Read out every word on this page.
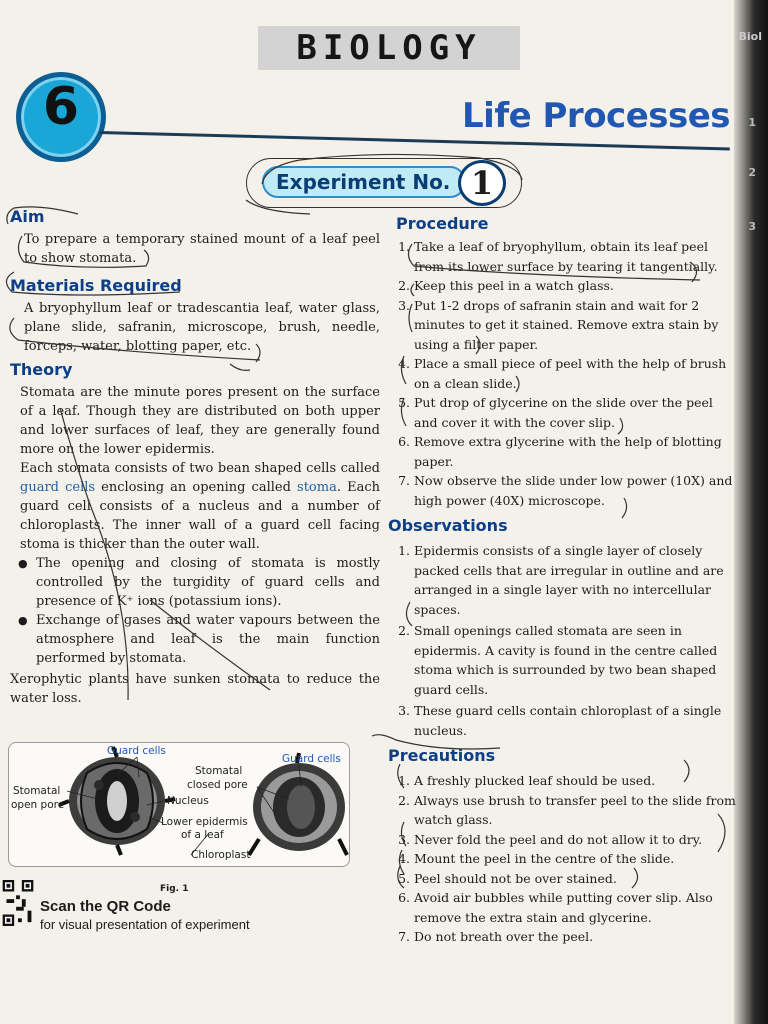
Biol
1
2
3
BIOLOGY
6	Life Processes
Experiment No. 1
Aim

To prepare a temporary stained mount of a leaf peel to show stomata.

Materials Required

A bryophyllum leaf or tradescantia leaf, water glass, plane slide, safranin, microscope, brush, needle, forceps, water, blotting paper, etc.

Theory

Stomata are the minute pores present on the surface of a leaf. Though they are distributed on both upper and lower surfaces of leaf, they are generally found more on the lower epidermis.

Each stomata consists of two bean shaped cells called guard cells enclosing an opening called stoma. Each guard cell consists of a nucleus and a number of chloroplasts. The inner wall of a guard cell facing stoma is thicker than the outer wall.

● The opening and closing of stomata is mostly controlled by the turgidity of guard cells and presence of K⁺ ions (potassium ions).
● Exchange of gases and water vapours between the atmosphere and leaf is the main function performed by stomata.

Xerophytic plants have sunken stomata to reduce the water loss.

Guard cells
Guard cells
Stomatal
open pore
Stomatal
closed pore
Nucleus
Lower epidermis
of a leaf
Chloroplast
Fig. 1
Scan the QR Code
for visual presentation of experiment
Procedure
1. Take a leaf of bryophyllum, obtain its leaf peel from its lower surface by tearing it tangentially.
2. Keep this peel in a watch glass.
3. Put 1-2 drops of safranin stain and wait for 2 minutes to get it stained. Remove extra stain by using a filter paper.
4. Place a small piece of peel with the help of brush on a clean slide.
5. Put drop of glycerine on the slide over the peel and cover it with the cover slip.
6. Remove extra glycerine with the help of blotting paper.
7. Now observe the slide under low power (10X) and high power (40X) microscope.
Observations
1. Epidermis consists of a single layer of closely packed cells that are irregular in outline and are arranged in a single layer with no intercellular spaces.
2. Small openings called stomata are seen in epidermis. A cavity is found in the centre called stoma which is surrounded by two bean shaped guard cells.
3. These guard cells contain chloroplast of a single nucleus.
Precautions
1. A freshly plucked leaf should be used.
2. Always use brush to transfer peel to the slide from watch glass.
3. Never fold the peel and do not allow it to dry.
4. Mount the peel in the centre of the slide.
5. Peel should not be over stained.
6. Avoid air bubbles while putting cover slip. Also remove the extra stain and glycerine.
7. Do not breath over the peel.
